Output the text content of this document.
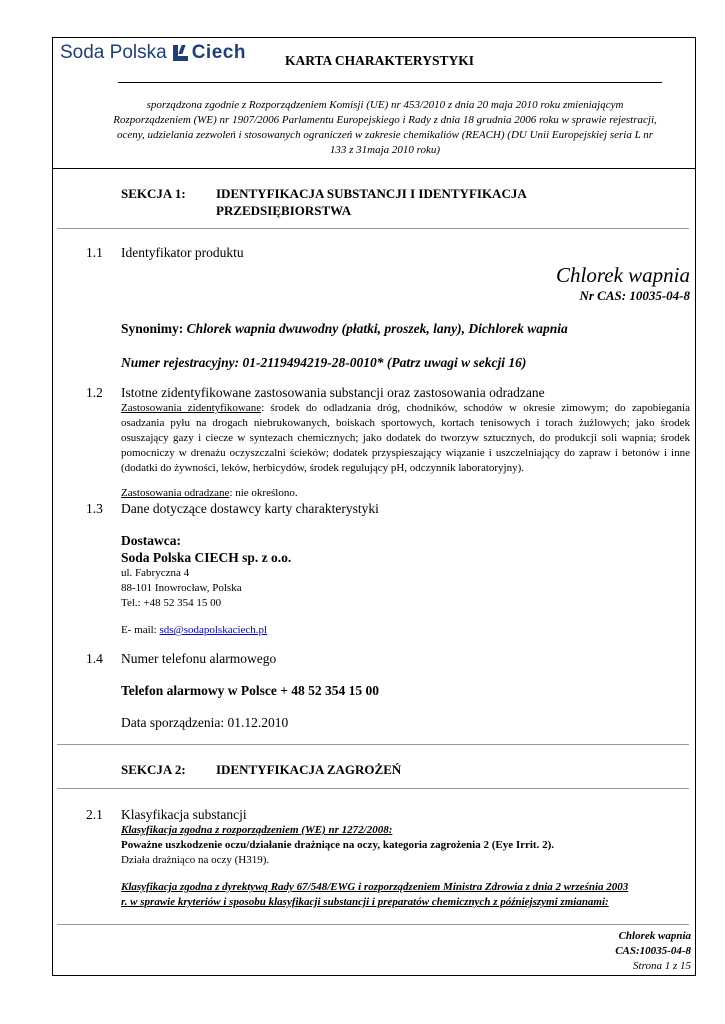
Soda Polska Ciech	KARTA CHARAKTERYSTYKI
sporządzona zgodnie z Rozporządzeniem Komisji (UE) nr 453/2010 z dnia 20 maja 2010 roku zmieniającym
Rozporządzeniem (WE) nr 1907/2006 Parlamentu Europejskiego i Rady z dnia 18 grudnia 2006 roku w sprawie rejestracji,
oceny, udzielania zezwoleń i stosowanych ograniczeń w zakresie chemikaliów (REACH) (DU Unii Europejskiej seria L nr
133 z 31maja 2010 roku)
SEKCJA 1: IDENTYFIKACJA SUBSTANCJI I IDENTYFIKACJA
PRZEDSIĘBIORSTWA
1.1 Identyfikator produktu
Chlorek wapnia
Nr CAS: 10035-04-8
Synonimy: Chlorek wapnia dwuwodny (płatki, proszek, lany), Dichlorek wapnia
Numer rejestracyjny: 01-2119494219-28-0010* (Patrz uwagi w sekcji 16)
1.2 Istotne zidentyfikowane zastosowania substancji oraz zastosowania odradzane
Zastosowania zidentyfikowane: środek do odladzania dróg, chodników, schodów w okresie zimowym; do zapobiegania osadzania pyłu na drogach niebrukowanych, boiskach sportowych, kortach tenisowych i torach żużlowych; jako środek osuszający gazy i ciecze w syntezach chemicznych; jako dodatek do tworzyw sztucznych, do produkcji soli wapnia; środek pomocniczy w drenażu oczyszczalni ścieków; dodatek przyspieszający wiązanie i uszczelniający do zapraw i betonów i inne (dodatki do żywności, leków, herbicydów, środek regulujący pH, odczynnik laboratoryjny).
Zastosowania odradzane: nie określono.
1.3 Dane dotyczące dostawcy karty charakterystyki
Dostawca:
Soda Polska CIECH sp. z o.o.
ul. Fabryczna 4
88-101 Inowrocław, Polska
Tel.: +48 52 354 15 00
E- mail: sds@sodapolskaciech.pl
1.4 Numer telefonu alarmowego
Telefon alarmowy w Polsce + 48 52 354 15 00
Data sporządzenia: 01.12.2010
SEKCJA 2: IDENTYFIKACJA ZAGROŻEŃ
2.1 Klasyfikacja substancji
Klasyfikacja zgodna z rozporządzeniem (WE) nr 1272/2008:
Poważne uszkodzenie oczu/działanie drażniące na oczy, kategoria zagrożenia 2 (Eye Irrit. 2).
Działa drażniąco na oczy (H319).
Klasyfikacja zgodna z dyrektywą Rady 67/548/EWG i rozporządzeniem Ministra Zdrowia z dnia 2 września 2003
r. w sprawie kryteriów i sposobu klasyfikacji substancji i preparatów chemicznych z późniejszymi zmianami:
Chlorek wapnia
CAS:10035-04-8
Strona 1 z 15
